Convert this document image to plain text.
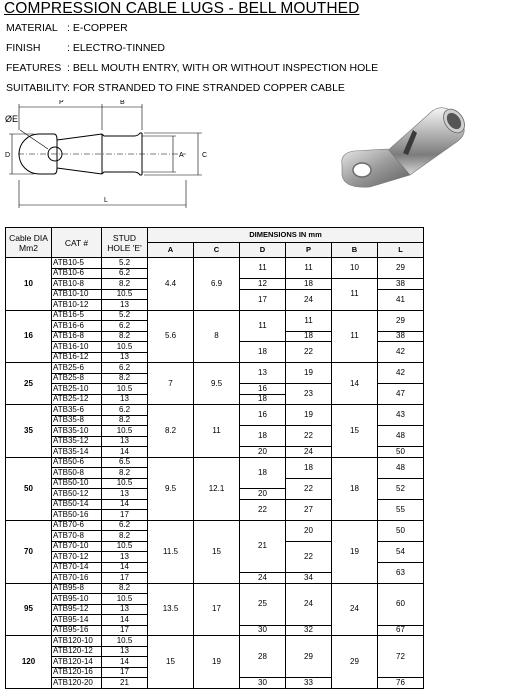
COMPRESSION CABLE LUGS - BELL MOUTHED
MATERIAL : E-COPPER
FINISH	: ELECTRO-TINNED
FEATURES : BELL MOUTH ENTRY, WITH OR WITHOUT INSPECTION HOLE
SUITABILITY: FOR STRANDED TO FINE STRANDED COPPER CABLE
ØE
P	B
D	A	C
L
Cable DIA Mm2	CAT #	STUD HOLE 'E'	DIMENSIONS IN mm					
			A	C	D	P	B	L
10	ATB10-5	5.2	4.4	6.9	11	11	10	29
	ATB10-6	6.2						
	ATB10-8	8.2			12	18	11	38
	ATB10-10	10.5			17	24		41
	ATB10-12	13						
16	ATB16-5	5.2	5.6	8	11	11	11	29
	ATB16-6	6.2						
	ATB16-8	8.2				18		38
	ATB16-10	10.5			18	22		42
	ATB16-12	13						
25	ATB25-6	6.2	7	9.5	13	19	14	42
	ATB25-8	8.2						
	ATB25-10	10.5			16	23		47
	ATB25-12	13			18			
35	ATB35-6	6.2	8.2	11	16	19	15	43
	ATB35-8	8.2						
	ATB35-10	10.5			18	22		48
	ATB35-12	13						
	ATB35-14	14			20	24		50
50	ATB50-6	6.5	9.5	12.1	18	18	18	48
	ATB50-8	8.2						
	ATB50-10	10.5				22		52
	ATB50-12	13			20			
	ATB50-14	14			22	27		55
	ATB50-16	17						
70	ATB70-6	6.2	11.5	15	21	20	19	50
	ATB70-8	8.2						
	ATB70-10	10.5				22		54
	ATB70-12	13						
	ATB70-14	14						63
	ATB70-16	17			24	34		
95	ATB95-8	8.2	13.5	17	25	24	24	60
	ATB95-10	10.5						
	ATB95-12	13						
	ATB95-14	14						
	ATB95-16	17			30	32		67
120	ATB120-10	10.5	15	19	28	29	29	72
	ATB120-12	13						
	ATB120-14	14						
	ATB120-16	17						
	ATB120-20	21			30	33		76
